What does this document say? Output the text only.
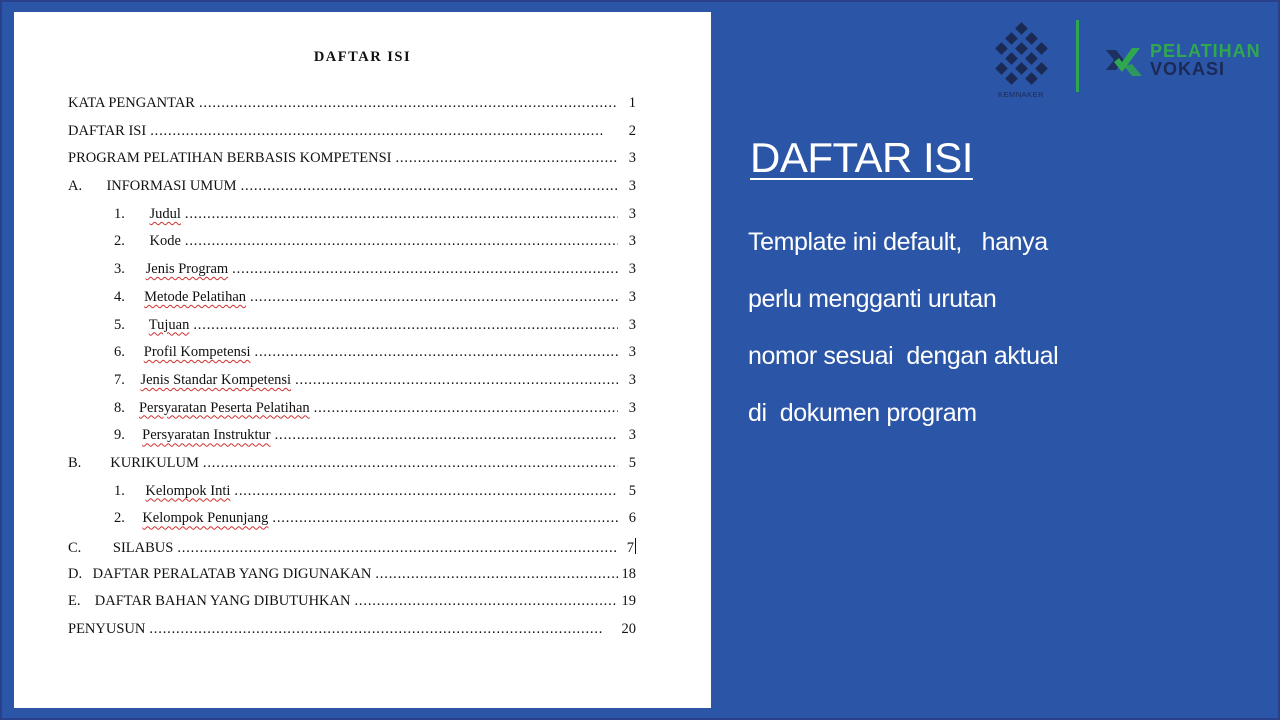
DAFTAR ISI
KATA PENGANTAR . . .	1
DAFTAR ISI . . .	2
PROGRAM PELATIHAN BERBASIS KOMPETENSI . . .	3
A.	INFORMASI UMUM . . .	3
1.	Judul . . .	3
2.	Kode . . .	3
3.	Jenis Program . . .	3
4.	Metode Pelatihan . . .	3
5.	Tujuan . . .	3
6.	Profil Kompetensi . . .	3
7.	Jenis Standar Kompetensi . . .	3
8. Persyaratan Peserta Pelatihan . . .	3
9.	Persyaratan Instruktur . . .	3
B.	KURIKULUM . . .	5
1.	Kelompok Inti . . .	5
2.	Kelompok Penunjang . . .	6
C.	SILABUS . . .	7
D. DAFTAR PERALATAB YANG DIGUNAKAN . . .	18
E. DAFTAR BAHAN YANG DIBUTUHKAN . . .	19
PENYUSUN . . .	20
KEMNAKER
PELATIHAN
VOKASI
DAFTAR ISI
Template ini default,   hanya
perlu mengganti urutan
nomor sesuai  dengan aktual
di  dokumen program
